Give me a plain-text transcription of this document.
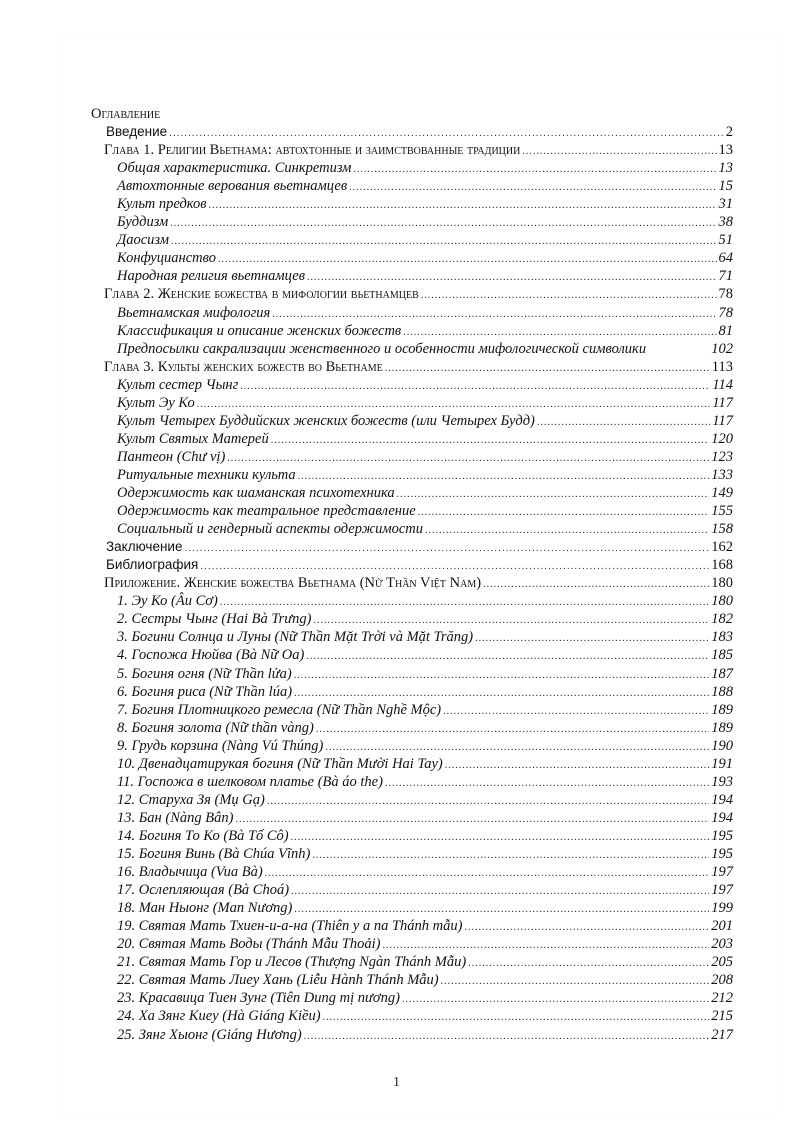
Оглавление
Введение .....	2
Глава 1. Религии Вьетнама: автохтонные и заимствованные традиции .....	13
Общая характеристика. Синкретизм .....	13
Автохтонные верования вьетнамцев .....	15
Культ предков .....	31
Буддизм .....	38
Даосизм .....	51
Конфуцианство .....	64
Народная религия вьетнамцев .....	71
Глава 2. Женские божества в мифологии вьетнамцев .....	78
Вьетнамская мифология .....	78
Классификация и описание женских божеств .....	81
Предпосылки сакрализации женственного и особенности мифологической символики	102
Глава 3. Культы женских божеств во Вьетнаме .....	113
Культ сестер Чынг .....	114
Культ Эу Ко .....	117
Культ Четырех Буддийских женских божеств (или Четырех Будд) .....	117
Культ Святых Матерей .....	120
Пантеон (Chư vị) .....	123
Ритуальные техники культа .....	133
Одержимость как шаманская психотехника .....	149
Одержимость как театральное представление .....	155
Социальный и гендерный аспекты одержимости .....	158
Заключение .....	162
Библиография .....	168
Приложение. Женские божества Вьетнама (Nữ Thần Việt Nam) .....	180
1. Эу Ко (Âu Cơ) .....	180
2. Сестры Чынг (Hai Bà Trưng) .....	182
3. Богини Солнца и Луны (Nữ Thần Mặt Trời và Mặt Trăng) .....	183
4. Госпожа Нюйва (Bà Nữ Oa) .....	185
5. Богиня огня (Nữ Thần lửa) .....	187
6. Богиня риса (Nữ Thần lúa) .....	188
7. Богиня Плотницкого ремесла (Nữ Thần Nghề Mộc) .....	189
8. Богиня золота (Nữ thần vàng) .....	189
9. Грудь корзина (Nàng Vú Thúng) .....	190
10. Двенадцатирукая богиня (Nữ Thần Mười Hai Tay) .....	191
11. Госпожа в шелковом платье (Bà áo the) .....	193
12. Старуха Зя (Mụ Gạ) .....	194
13. Бан (Nàng Bân) .....	194
14. Богиня То Ко (Bà Tố Cô) .....	195
15. Богиня Винь (Bà Chúa Vĩnh) .....	195
16. Владычица (Vua Bà) .....	197
17. Ослепляющая (Bà Choá) .....	197
18. Ман Ныонг (Man Nương) .....	199
19. Святая Мать Тхиен-и-а-на (Thiên y a na Thánh mẫu) .....	201
20. Святая Мать Воды (Thánh Mẫu Thoải) .....	203
21. Святая Мать Гор и Лесов (Thượng Ngàn Thánh Mẫu) .....	205
22. Святая Мать Лиеу Хань (Liễu Hành Thánh Mẫu) .....	208
23. Красавица Тиен Зунг (Tiên Dung mị nương) .....	212
24. Ха Зянг Киеу (Hà Giáng Kiều) .....	215
25. Зянг Хыонг (Giáng Hương) .....	217
1
